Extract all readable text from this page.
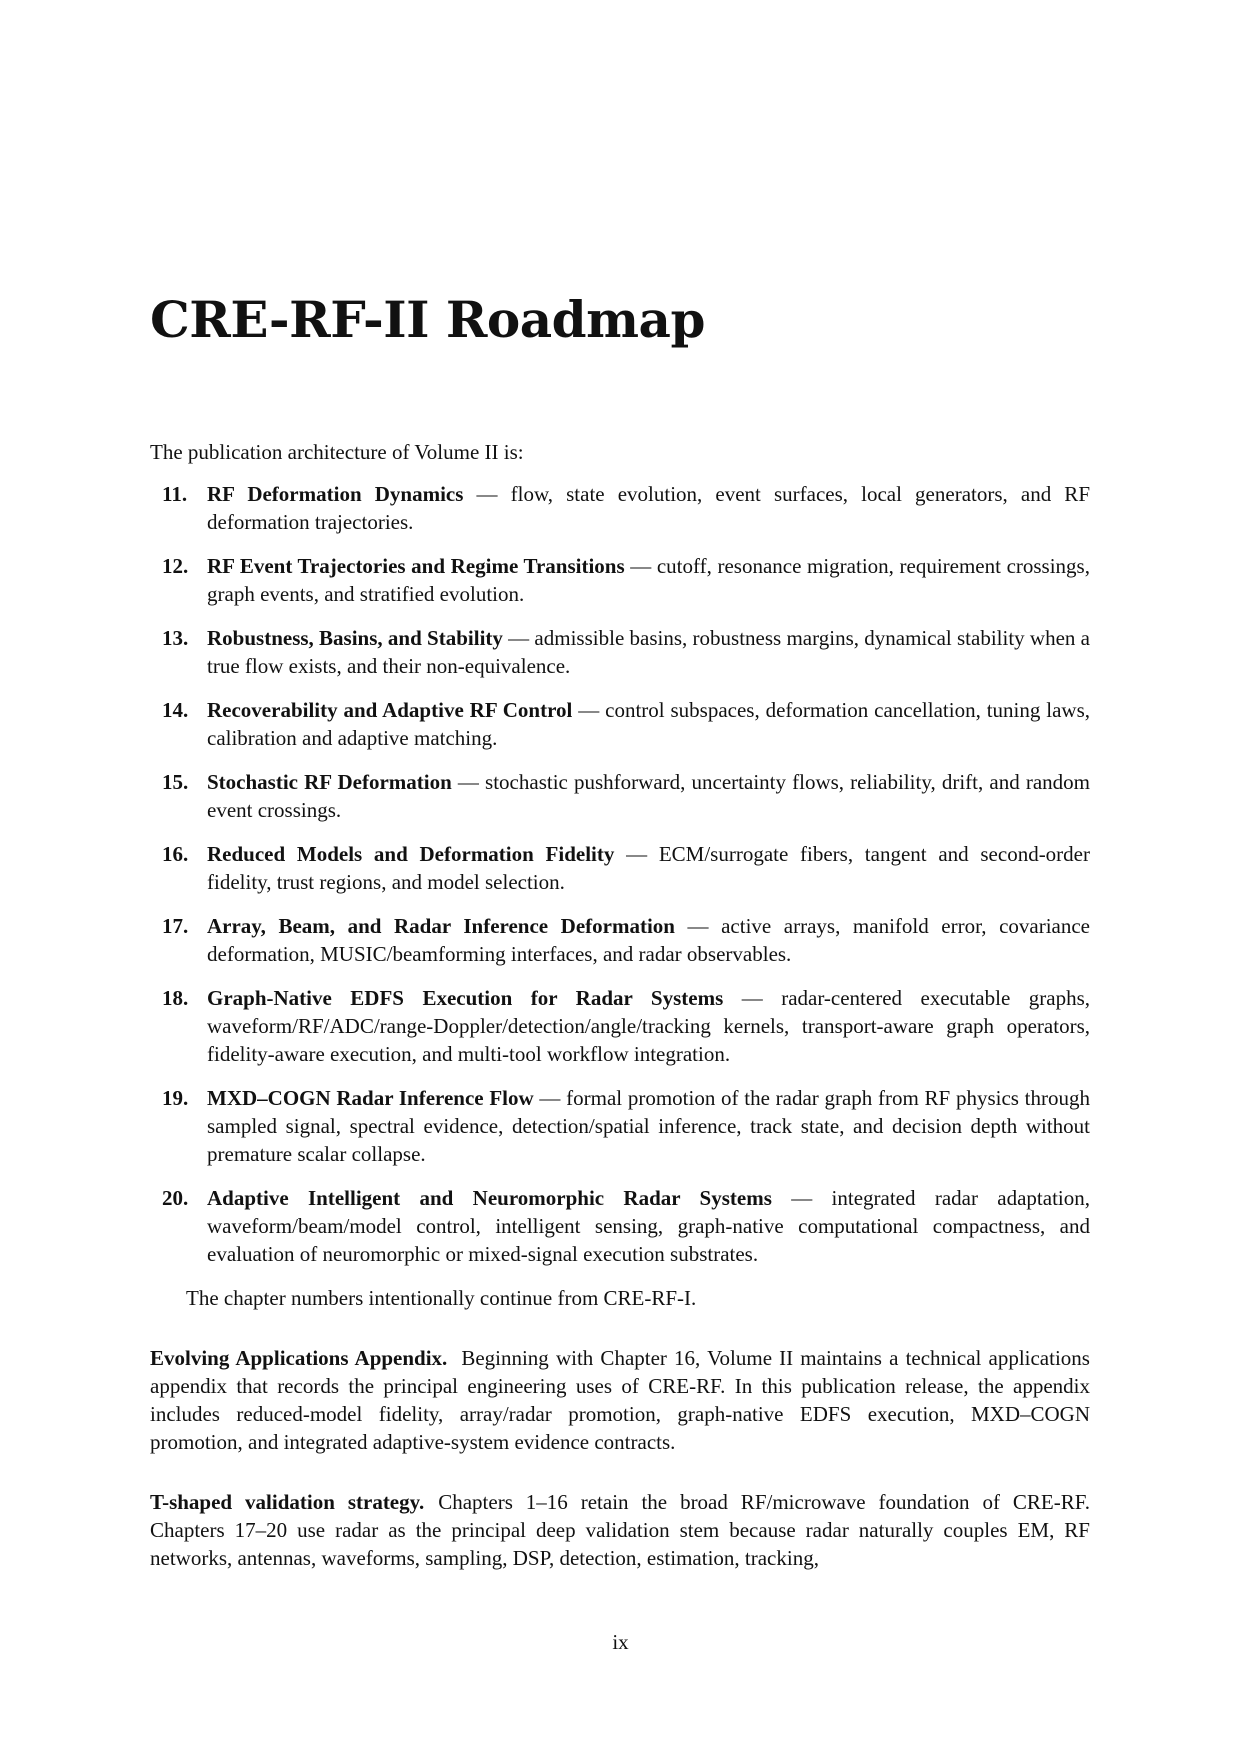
CRE-RF-II Roadmap

The publication architecture of Volume II is:

11. RF Deformation Dynamics — flow, state evolution, event surfaces, local generators, and RF deformation trajectories.
12. RF Event Trajectories and Regime Transitions — cutoff, resonance migration, requirement crossings, graph events, and stratified evolution.
13. Robustness, Basins, and Stability — admissible basins, robustness margins, dynamical stability when a true flow exists, and their non-equivalence.
14. Recoverability and Adaptive RF Control — control subspaces, deformation cancellation, tuning laws, calibration and adaptive matching.
15. Stochastic RF Deformation — stochastic pushforward, uncertainty flows, reliability, drift, and random event crossings.
16. Reduced Models and Deformation Fidelity — ECM/surrogate fibers, tangent and second-order fidelity, trust regions, and model selection.
17. Array, Beam, and Radar Inference Deformation — active arrays, manifold error, covariance deformation, MUSIC/beamforming interfaces, and radar observables.
18. Graph-Native EDFS Execution for Radar Systems — radar-centered executable graphs, waveform/RF/ADC/range-Doppler/detection/angle/tracking kernels, transport-aware graph operators, fidelity-aware execution, and multi-tool workflow integration.
19. MXD–COGN Radar Inference Flow — formal promotion of the radar graph from RF physics through sampled signal, spectral evidence, detection/spatial inference, track state, and decision depth without premature scalar collapse.
20. Adaptive Intelligent and Neuromorphic Radar Systems — integrated radar adaptation, waveform/beam/model control, intelligent sensing, graph-native computational compactness, and evaluation of neuromorphic or mixed-signal execution substrates.

The chapter numbers intentionally continue from CRE-RF-I.

Evolving Applications Appendix. Beginning with Chapter 16, Volume II maintains a technical applications appendix that records the principal engineering uses of CRE-RF. In this publication release, the appendix includes reduced-model fidelity, array/radar promotion, graph-native EDFS execution, MXD–COGN promotion, and integrated adaptive-system evidence contracts.

T-shaped validation strategy. Chapters 1–16 retain the broad RF/microwave foundation of CRE-RF. Chapters 17–20 use radar as the principal deep validation stem because radar naturally couples EM, RF networks, antennas, waveforms, sampling, DSP, detection, estimation, tracking,

ix
